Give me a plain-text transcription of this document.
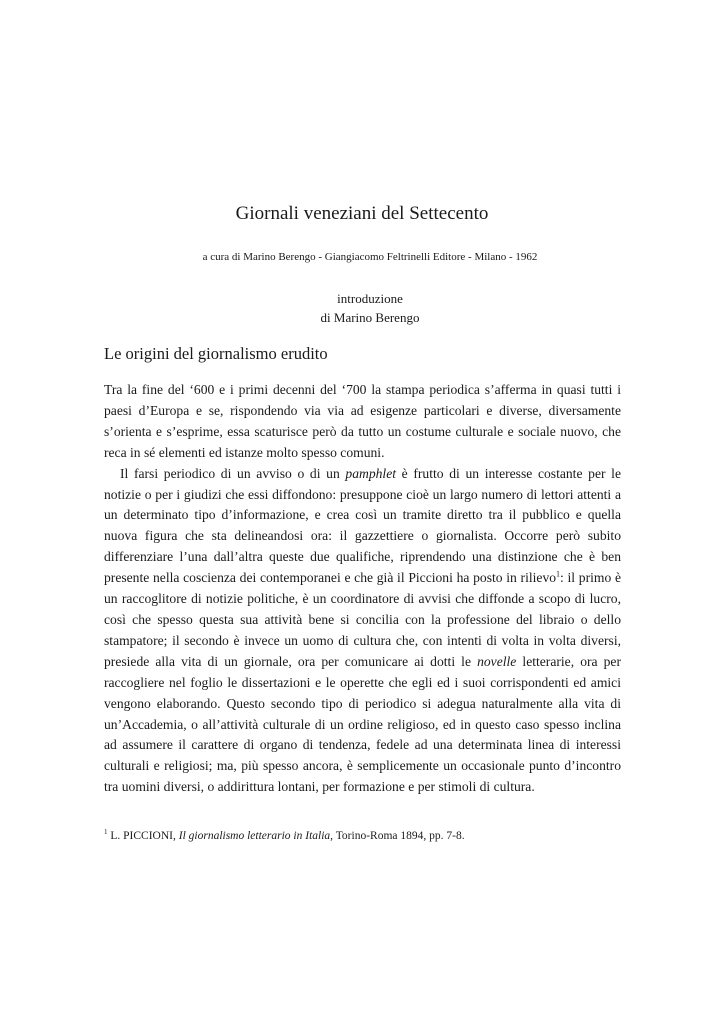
Giornali veneziani del Settecento
a cura di Marino Berengo - Giangiacomo Feltrinelli Editore - Milano - 1962
introduzione
di Marino Berengo
Le origini del giornalismo erudito

Tra la fine del ‘600 e i primi decenni del ‘700 la stampa periodica s’afferma in quasi tutti i paesi d’Europa e se, rispondendo via via ad esigenze particolari e diverse, diversamente s’orienta e s’esprime, essa scaturisce però da tutto un costume culturale e sociale nuovo, che reca in sé elementi ed istanze molto spesso comuni.

Il farsi periodico di un avviso o di un pamphlet è frutto di un interesse costante per le notizie o per i giudizi che essi diffondono: presuppone cioè un largo numero di lettori attenti a un determinato tipo d’informazione, e crea così un tramite diretto tra il pubblico e quella nuova figura che sta delineandosi ora: il gazzettiere o giornalista. Occorre però subito differenziare l’una dall’altra queste due qualifiche, riprendendo una distinzione che è ben presente nella coscienza dei contemporanei e che già il Piccioni ha posto in rilievo$^1$: il primo è un raccoglitore di notizie politiche, è un coordinatore di avvisi che diffonde a scopo di lucro, così che spesso questa sua attività bene si concilia con la professione del libraio o dello stampatore; il secondo è invece un uomo di cultura che, con intenti di volta in volta diversi, presiede alla vita di un giornale, ora per comunicare ai dotti le novelle letterarie, ora per raccogliere nel foglio le dissertazioni e le operette che egli ed i suoi corrispondenti ed amici vengono elaborando. Questo secondo tipo di periodico si adegua naturalmente alla vita di un’Accademia, o all’attività culturale di un ordine religioso, ed in questo caso spesso inclina ad assumere il carattere di organo di tendenza, fedele ad una determinata linea di interessi culturali e religiosi; ma, più spesso ancora, è semplicemente un occasionale punto d’incontro tra uomini diversi, o addirittura lontani, per formazione e per stimoli di cultura.

$^1$ L. PICCIONI, Il giornalismo letterario in Italia, Torino-Roma 1894, pp. 7-8.
